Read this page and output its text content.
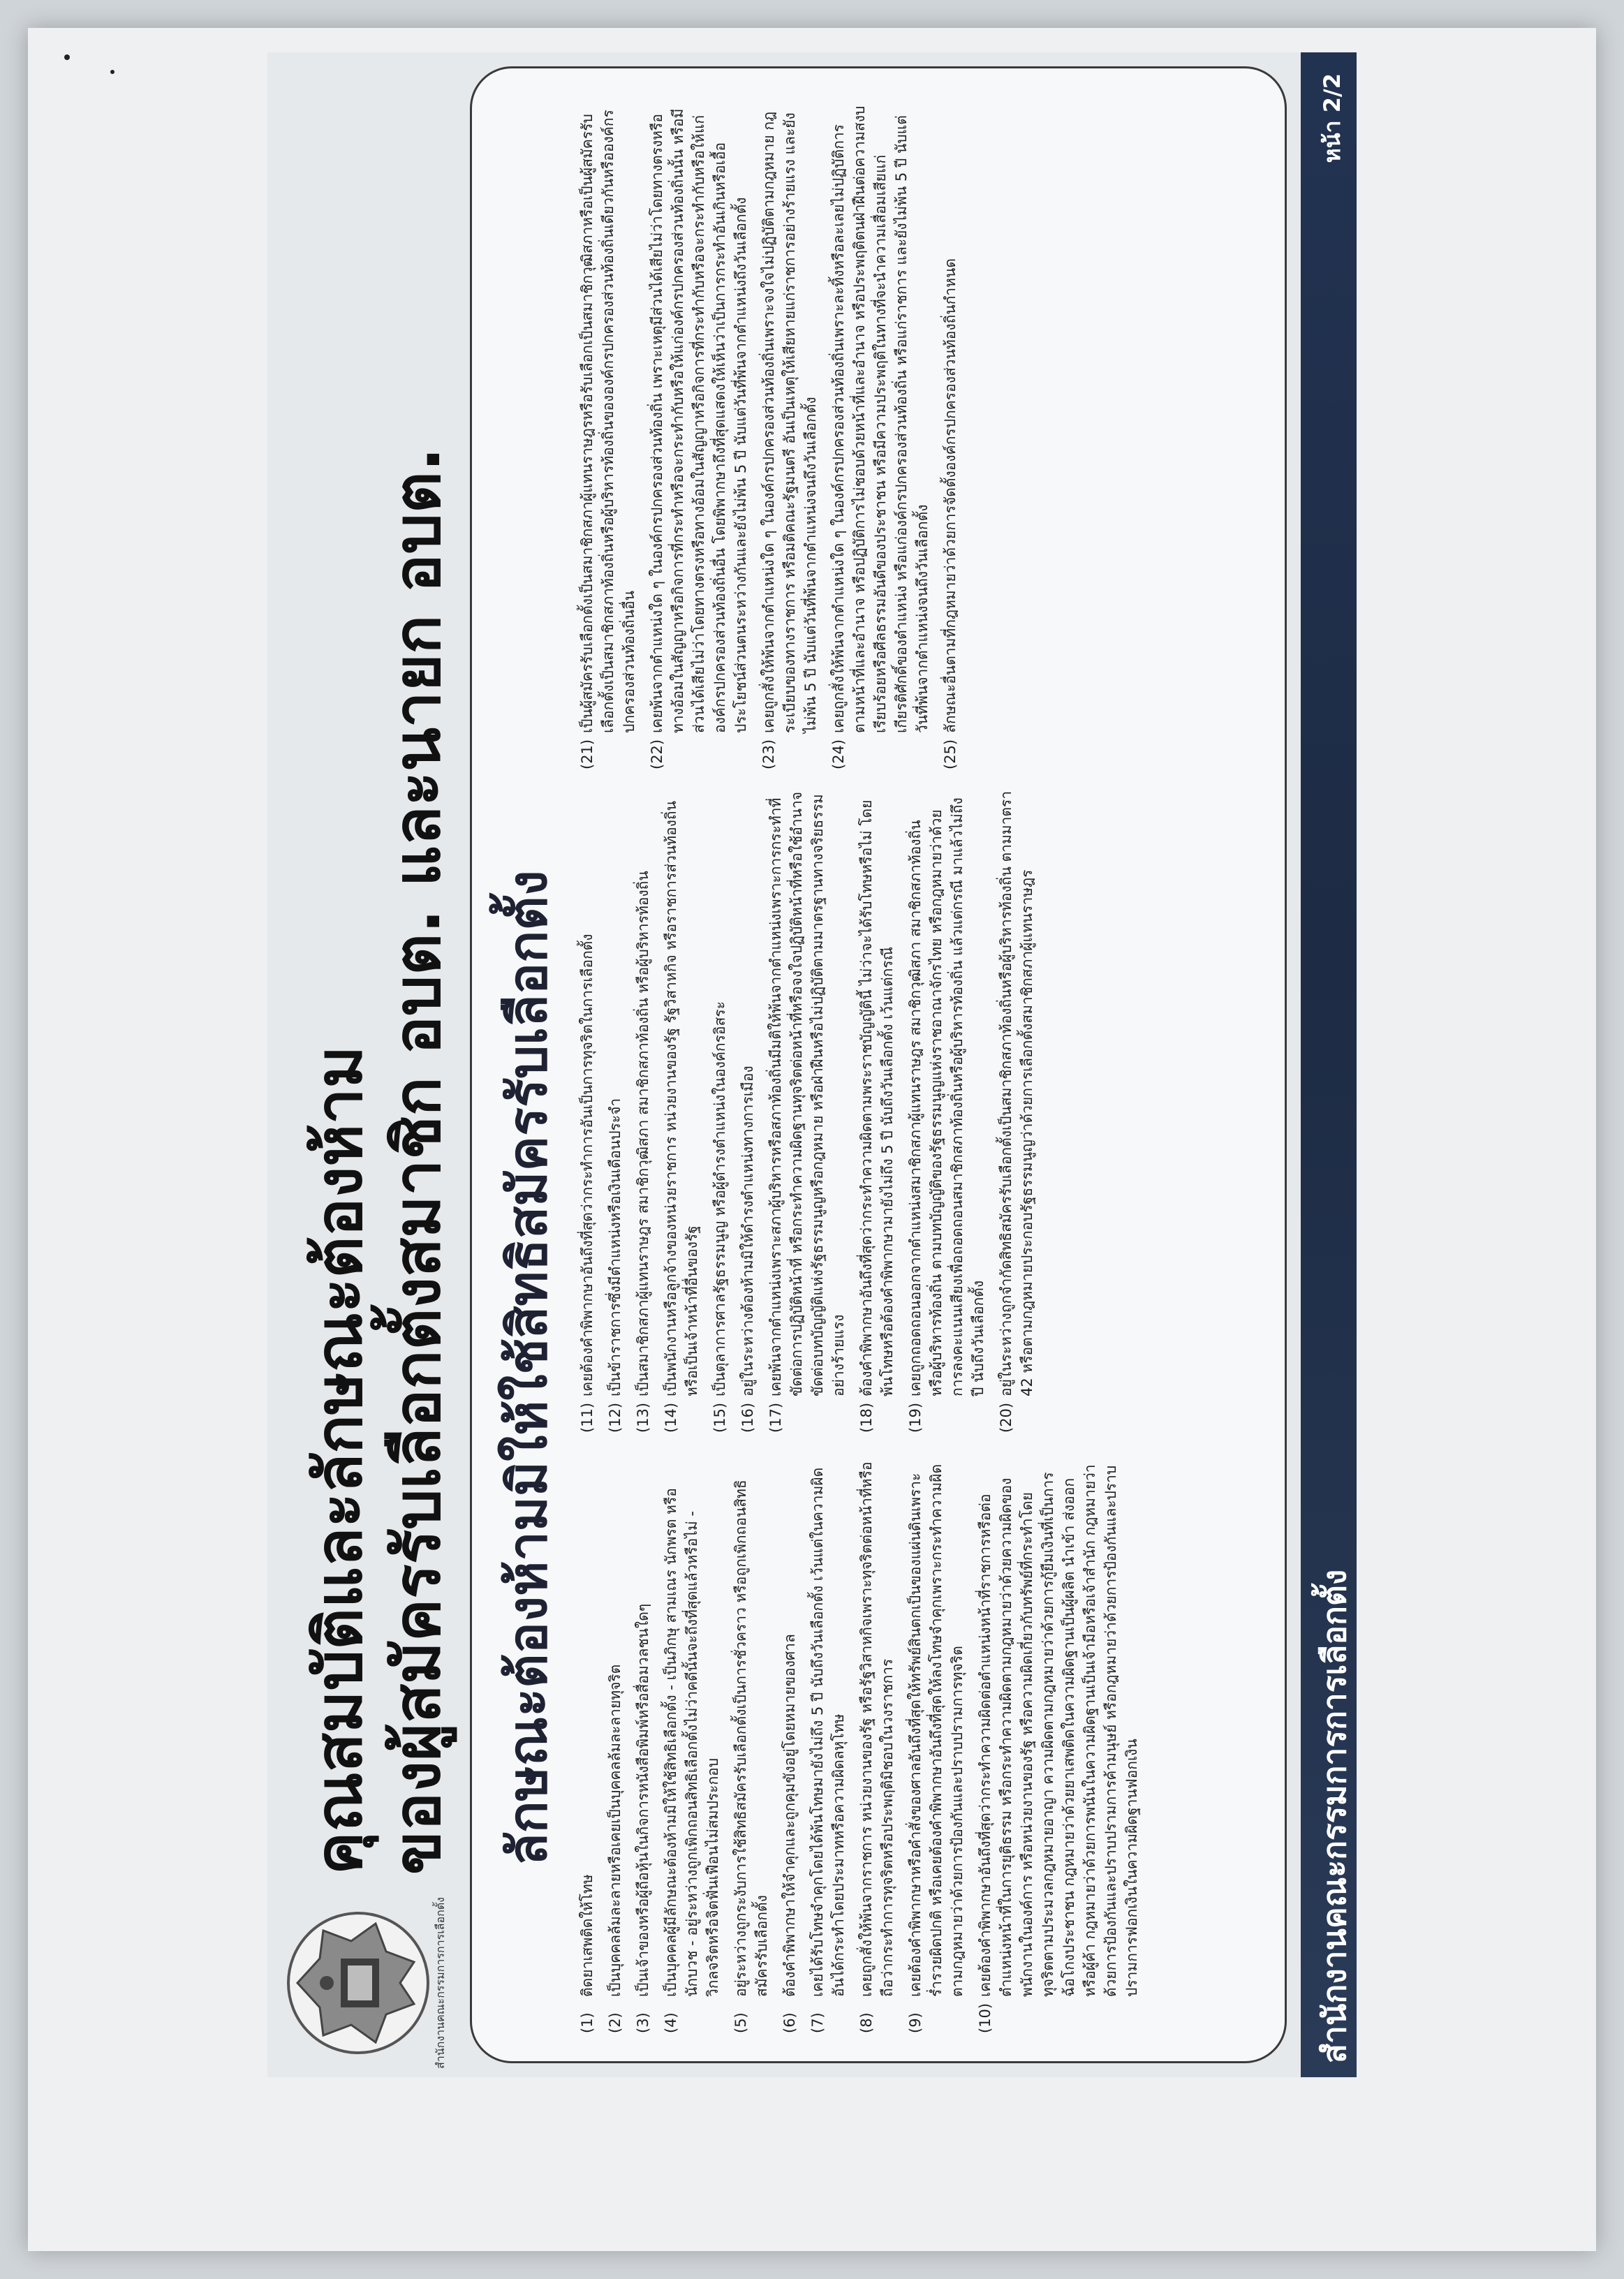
สำนักงานคณะกรรมการการเลือกตั้ง
คุณสมบัติและลักษณะต้องห้าม ของผู้สมัครรับเลือกตั้งสมาชิก อบต. และนายก อบต. ลักษณะต้องห้ามมิให้ใช้สิทธิสมัครรับเลือกตั้ง
(1)
ติดยาเสพติดให้โทษ
(2)
เป็นบุคคลล้มละลายหรือเคยเป็นบุคคลล้มละลายทุจริต
(3)
เป็นเจ้าของหรือผู้ถือหุ้นในกิจการหนังสือพิมพ์หรือสื่อมวลชนใดๆ
(4)
เป็นบุคคลผู้มีลักษณะต้องห้ามมิให้ใช้สิทธิเลือกตั้ง - เป็นภิกษุ สามเณร นักพรต หรือนักบวช - อยู่ระหว่างถูกเพิกถอนสิทธิเลือกตั้งไม่ว่าคดีนั้นจะถึงที่สุดแล้วหรือไม่ - วิกลจริตหรือจิตฟั่นเฟือนไม่สมประกอบ
(5)
อยู่ระหว่างถูกระงับการใช้สิทธิสมัครรับเลือกตั้งเป็นการชั่วคราว หรือถูกเพิกถอนสิทธิสมัครรับเลือกตั้ง
(6)
ต้องคำพิพากษาให้จำคุกและถูกคุมขังอยู่โดยหมายของศาล
(7)
เคยได้รับโทษจำคุกโดยได้พ้นโทษมายังไม่ถึง 5 ปี นับถึงวันเลือกตั้ง เว้นแต่ในความผิดอันได้กระทำโดยประมาทหรือความผิดลหุโทษ
(8)
เคยถูกสั่งให้พ้นจากราชการ หน่วยงานของรัฐ หรือรัฐวิสาหกิจเพราะทุจริตต่อหน้าที่หรือถือว่ากระทำการทุจริตหรือประพฤติมิชอบในวงราชการ
(9)
เคยต้องคำพิพากษาหรือคำสั่งของศาลอันถึงที่สุดให้ทรัพย์สินตกเป็นของแผ่นดินเพราะร่ำรวยผิดปกติ หรือเคยต้องคำพิพากษาอันถึงที่สุดให้ลงโทษจำคุกเพราะกระทำความผิดตามกฎหมายว่าด้วยการป้องกันและปราบปรามการทุจริต
(10)
เคยต้องคำพิพากษาอันถึงที่สุดว่ากระทำความผิดต่อตำแหน่งหน้าที่ราชการหรือต่อตำแหน่งหน้าที่ในการยุติธรรม หรือกระทำความผิดตามกฎหมายว่าด้วยความผิดของพนักงานในองค์การ หรือหน่วยงานของรัฐ หรือความผิดเกี่ยวกับทรัพย์ที่กระทำโดยทุจริตตามประมวลกฎหมายอาญา ความผิดตามกฎหมายว่าด้วยการกู้ยืมเงินที่เป็นการฉ้อโกงประชาชน กฎหมายว่าด้วยยาเสพติดในความผิดฐานเป็นผู้ผลิต นำเข้า ส่งออก หรือผู้ค้า กฎหมายว่าด้วยการพนันในความผิดฐานเป็นเจ้ามือหรือเจ้าสำนัก กฎหมายว่าด้วยการป้องกันและปราบปรามการค้ามนุษย์ หรือกฎหมายว่าด้วยการป้องกันและปราบปรามการฟอกเงินในความผิดฐานฟอกเงิน
(11)
เคยต้องคำพิพากษาอันถึงที่สุดว่ากระทำการอันเป็นการทุจริตในการเลือกตั้ง
(12)
เป็นข้าราชการซึ่งมีตำแหน่งหรือเงินเดือนประจำ
(13)
เป็นสมาชิกสภาผู้แทนราษฎร สมาชิกวุฒิสภา สมาชิกสภาท้องถิ่น หรือผู้บริหารท้องถิ่น
(14)
เป็นพนักงานหรือลูกจ้างของหน่วยราชการ หน่วยงานของรัฐ รัฐวิสาหกิจ หรือราชการส่วนท้องถิ่น หรือเป็นเจ้าหน้าที่อื่นของรัฐ
(15)
เป็นตุลาการศาลรัฐธรรมนูญ หรือผู้ดำรงตำแหน่งในองค์กรอิสระ
(16)
อยู่ในระหว่างต้องห้ามมิให้ดำรงตำแหน่งทางการเมือง
(17)
เคยพ้นจากตำแหน่งเพราะสภาผู้บริหารหรือสภาท้องถิ่นมีมติให้พ้นจากตำแหน่งเพราะการกระทำที่ขัดต่อการปฏิบัติหน้าที่ หรือกระทำความผิดฐานทุจริตต่อหน้าที่หรือจงใจปฏิบัติหน้าที่หรือใช้อำนาจขัดต่อบทบัญญัติแห่งรัฐธรรมนูญหรือกฎหมาย หรือฝ่าฝืนหรือไม่ปฏิบัติตามมาตรฐานทางจริยธรรมอย่างร้ายแรง
(18)
ต้องคำพิพากษาอันถึงที่สุดว่ากระทำความผิดตามพระราชบัญญัตินี้ ไม่ว่าจะได้รับโทษหรือไม่ โดยพ้นโทษหรือต้องคำพิพากษามายังไม่ถึง 5 ปี นับถึงวันเลือกตั้ง เว้นแต่กรณี
(19)
เคยถูกถอดถอนออกจากตำแหน่งสมาชิกสภาผู้แทนราษฎร สมาชิกวุฒิสภา สมาชิกสภาท้องถิ่น หรือผู้บริหารท้องถิ่น ตามบทบัญญัติของรัฐธรรมนูญแห่งราชอาณาจักรไทย หรือกฎหมายว่าด้วยการลงคะแนนเสียงเพื่อถอดถอนสมาชิกสภาท้องถิ่นหรือผู้บริหารท้องถิ่น แล้วแต่กรณี มาแล้วไม่ถึงปี นับถึงวันเลือกตั้ง
(20)
อยู่ในระหว่างถูกจำกัดสิทธิสมัครรับเลือกตั้งเป็นสมาชิกสภาท้องถิ่นหรือผู้บริหารท้องถิ่น ตามมาตรา 42 หรือตามกฎหมายประกอบรัฐธรรมนูญว่าด้วยการเลือกตั้งสมาชิกสภาผู้แทนราษฎร
(21)
เป็นผู้สมัครรับเลือกตั้งเป็นสมาชิกสภาผู้แทนราษฎรหรือรับเลือกเป็นสมาชิกวุฒิสภาหรือเป็นผู้สมัครรับเลือกตั้งเป็นสมาชิกสภาท้องถิ่นหรือผู้บริหารท้องถิ่นขององค์กรปกครองส่วนท้องถิ่นเดียวกันหรือองค์กรปกครองส่วนท้องถิ่นอื่น
(22)
เคยพ้นจากตำแหน่งใด ๆ ในองค์กรปกครองส่วนท้องถิ่น เพราะเหตุมีส่วนได้เสียไม่ว่าโดยทางตรงหรือทางอ้อมในสัญญาหรือกิจการที่กระทำหรือจะกระทำกับหรือให้แก่องค์กรปกครองส่วนท้องถิ่นนั้น หรือมีส่วนได้เสียไม่ว่าโดยทางตรงหรือทางอ้อมในสัญญาหรือกิจการที่กระทำกับหรือจะกระทำกับหรือให้แก่องค์กรปกครองส่วนท้องถิ่นอื่น โดยพิพากษาถึงที่สุดแสดงให้เห็นว่าเป็นการกระทำอันเกินหรือเอื้อประโยชน์ส่วนตนระหว่างกันและยังไม่พ้น 5 ปี นับแต่วันที่พ้นจากตำแหน่งถึงวันเลือกตั้ง
(23)
เคยถูกสั่งให้พ้นจากตำแหน่งใด ๆ ในองค์กรปกครองส่วนท้องถิ่นเพราะจงใจไม่ปฏิบัติตามกฎหมาย กฎ ระเบียบของทางราชการ หรือมติคณะรัฐมนตรี อันเป็นเหตุให้เสียหายแก่ราชการอย่างร้ายแรง และยังไม่พ้น 5 ปี นับแต่วันที่พ้นจากตำแหน่งจนถึงวันเลือกตั้ง
(24)
เคยถูกสั่งให้พ้นจากตำแหน่งใด ๆ ในองค์กรปกครองส่วนท้องถิ่นเพราะละทิ้งหรือละเลยไม่ปฏิบัติการตามหน้าที่และอำนาจ หรือปฏิบัติการไม่ชอบด้วยหน้าที่และอำนาจ หรือประพฤติตนฝ่าฝืนต่อความสงบเรียบร้อยหรือศีลธรรมอันดีของประชาชน หรือมีความประพฤติในทางที่จะนำความเสื่อมเสียแก่เกียรติศักดิ์ของตำแหน่ง หรือแก่องค์กรปกครองส่วนท้องถิ่น หรือแก่ราชการ และยังไม่พ้น 5 ปี นับแต่วันที่พ้นจากตำแหน่งจนถึงวันเลือกตั้ง
(25)
ลักษณะอื่นตามที่กฎหมายว่าด้วยการจัดตั้งองค์กรปกครองส่วนท้องถิ่นกำหนด
สำนักงานคณะกรรมการการเลือกตั้ง
หน้า 2/2
